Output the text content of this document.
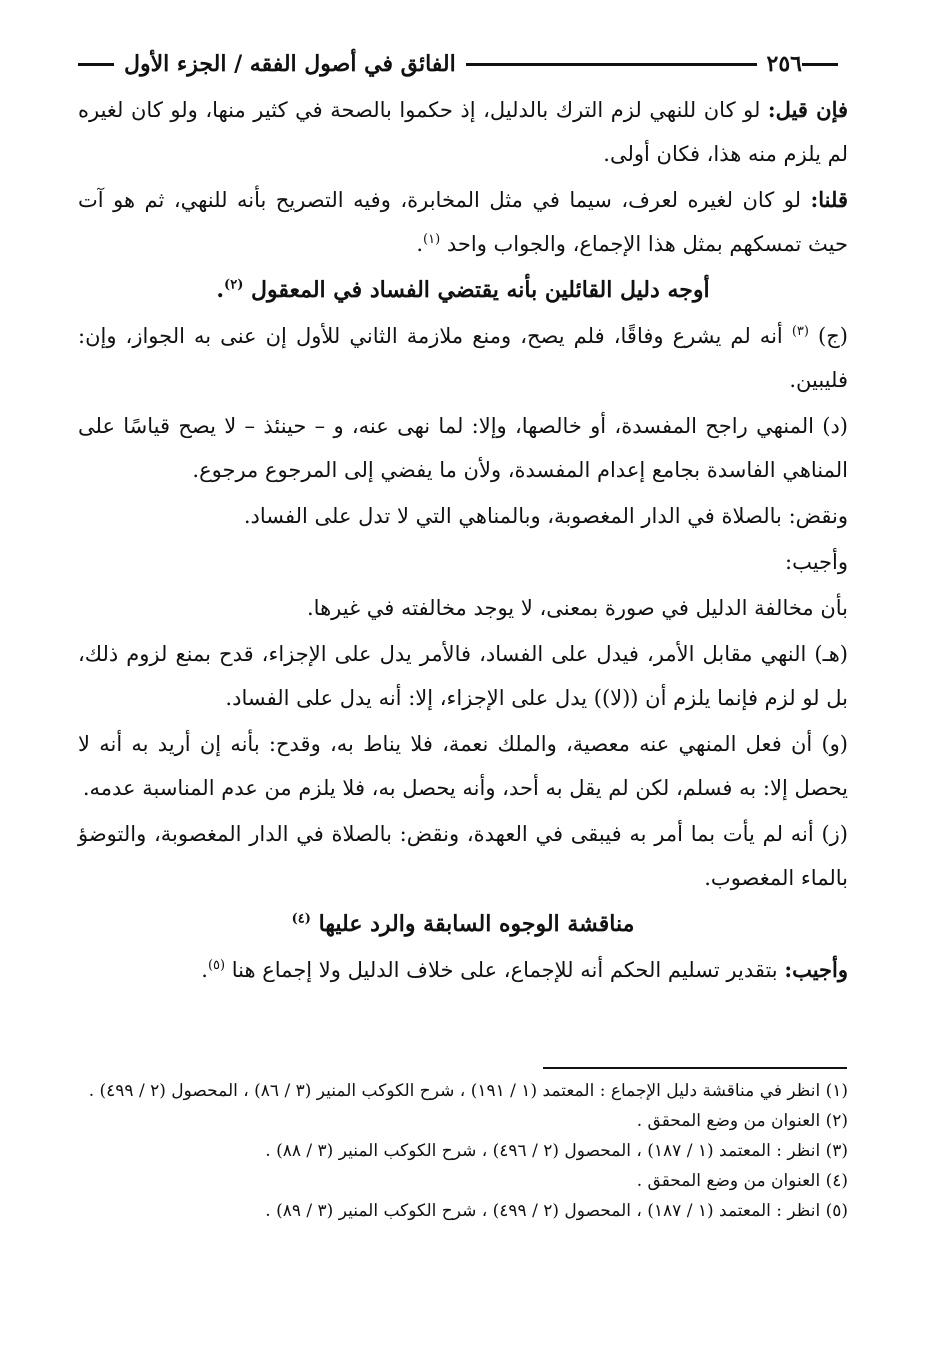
٢٥٦
الفائق في أصول الفقه / الجزء الأول

فإن قيل: لو كان للنهي لزم الترك بالدليل، إذ حكموا بالصحة في كثير منها، ولو كان لغيره لم يلزم منه هذا، فكان أولى.

قلنا: لو كان لغيره لعرف، سيما في مثل المخابرة، وفيه التصريح بأنه للنهي، ثم هو آت حيث تمسكهم بمثل هذا الإجماع، والجواب واحد $^{(١)}$.

أوجه دليل القائلين بأنه يقتضي الفساد في المعقول $^{(٢)}$.

(ج) $^{(٣)}$ أنه لم يشرع وفاقًا، فلم يصح، ومنع ملازمة الثاني للأول إن عنى به الجواز، وإن: فليبين.

(د) المنهي راجح المفسدة، أو خالصها، وإلا: لما نهى عنه، و – حينئذ – لا يصح قياسًا على المناهي الفاسدة بجامع إعدام المفسدة، ولأن ما يفضي إلى المرجوع مرجوع.

ونقض: بالصلاة في الدار المغصوبة، وبالمناهي التي لا تدل على الفساد.

وأجيب:

بأن مخالفة الدليل في صورة بمعنى، لا يوجد مخالفته في غيرها.

(هـ) النهي مقابل الأمر، فيدل على الفساد، فالأمر يدل على الإجزاء، قدح بمنع لزوم ذلك، بل لو لزم فإنما يلزم أن ((لا)) يدل على الإجزاء، إلا: أنه يدل على الفساد.

(و) أن فعل المنهي عنه معصية، والملك نعمة، فلا يناط به، وقدح: بأنه إن أريد به أنه لا يحصل إلا: به فسلم، لكن لم يقل به أحد، وأنه يحصل به، فلا يلزم من عدم المناسبة عدمه.

(ز) أنه لم يأت بما أمر به فيبقى في العهدة، ونقض: بالصلاة في الدار المغصوبة، والتوضؤ بالماء المغصوب.

مناقشة الوجوه السابقة والرد عليها $^{(٤)}$

وأجيب: بتقدير تسليم الحكم أنه للإجماع، على خلاف الدليل ولا إجماع هنا $^{(٥)}$.

(١) انظر في مناقشة دليل الإجماع : المعتمد (١ / ١٩١) ، شرح الكوكب المنير (٣ / ٨٦) ، المحصول (٢ / ٤٩٩) .

(٢) العنوان من وضع المحقق .

(٣) انظر : المعتمد (١ / ١٨٧) ، المحصول (٢ / ٤٩٦) ، شرح الكوكب المنير (٣ / ٨٨) .

(٤) العنوان من وضع المحقق .

(٥) انظر : المعتمد (١ / ١٨٧) ، المحصول (٢ / ٤٩٩) ، شرح الكوكب المنير (٣ / ٨٩) .
